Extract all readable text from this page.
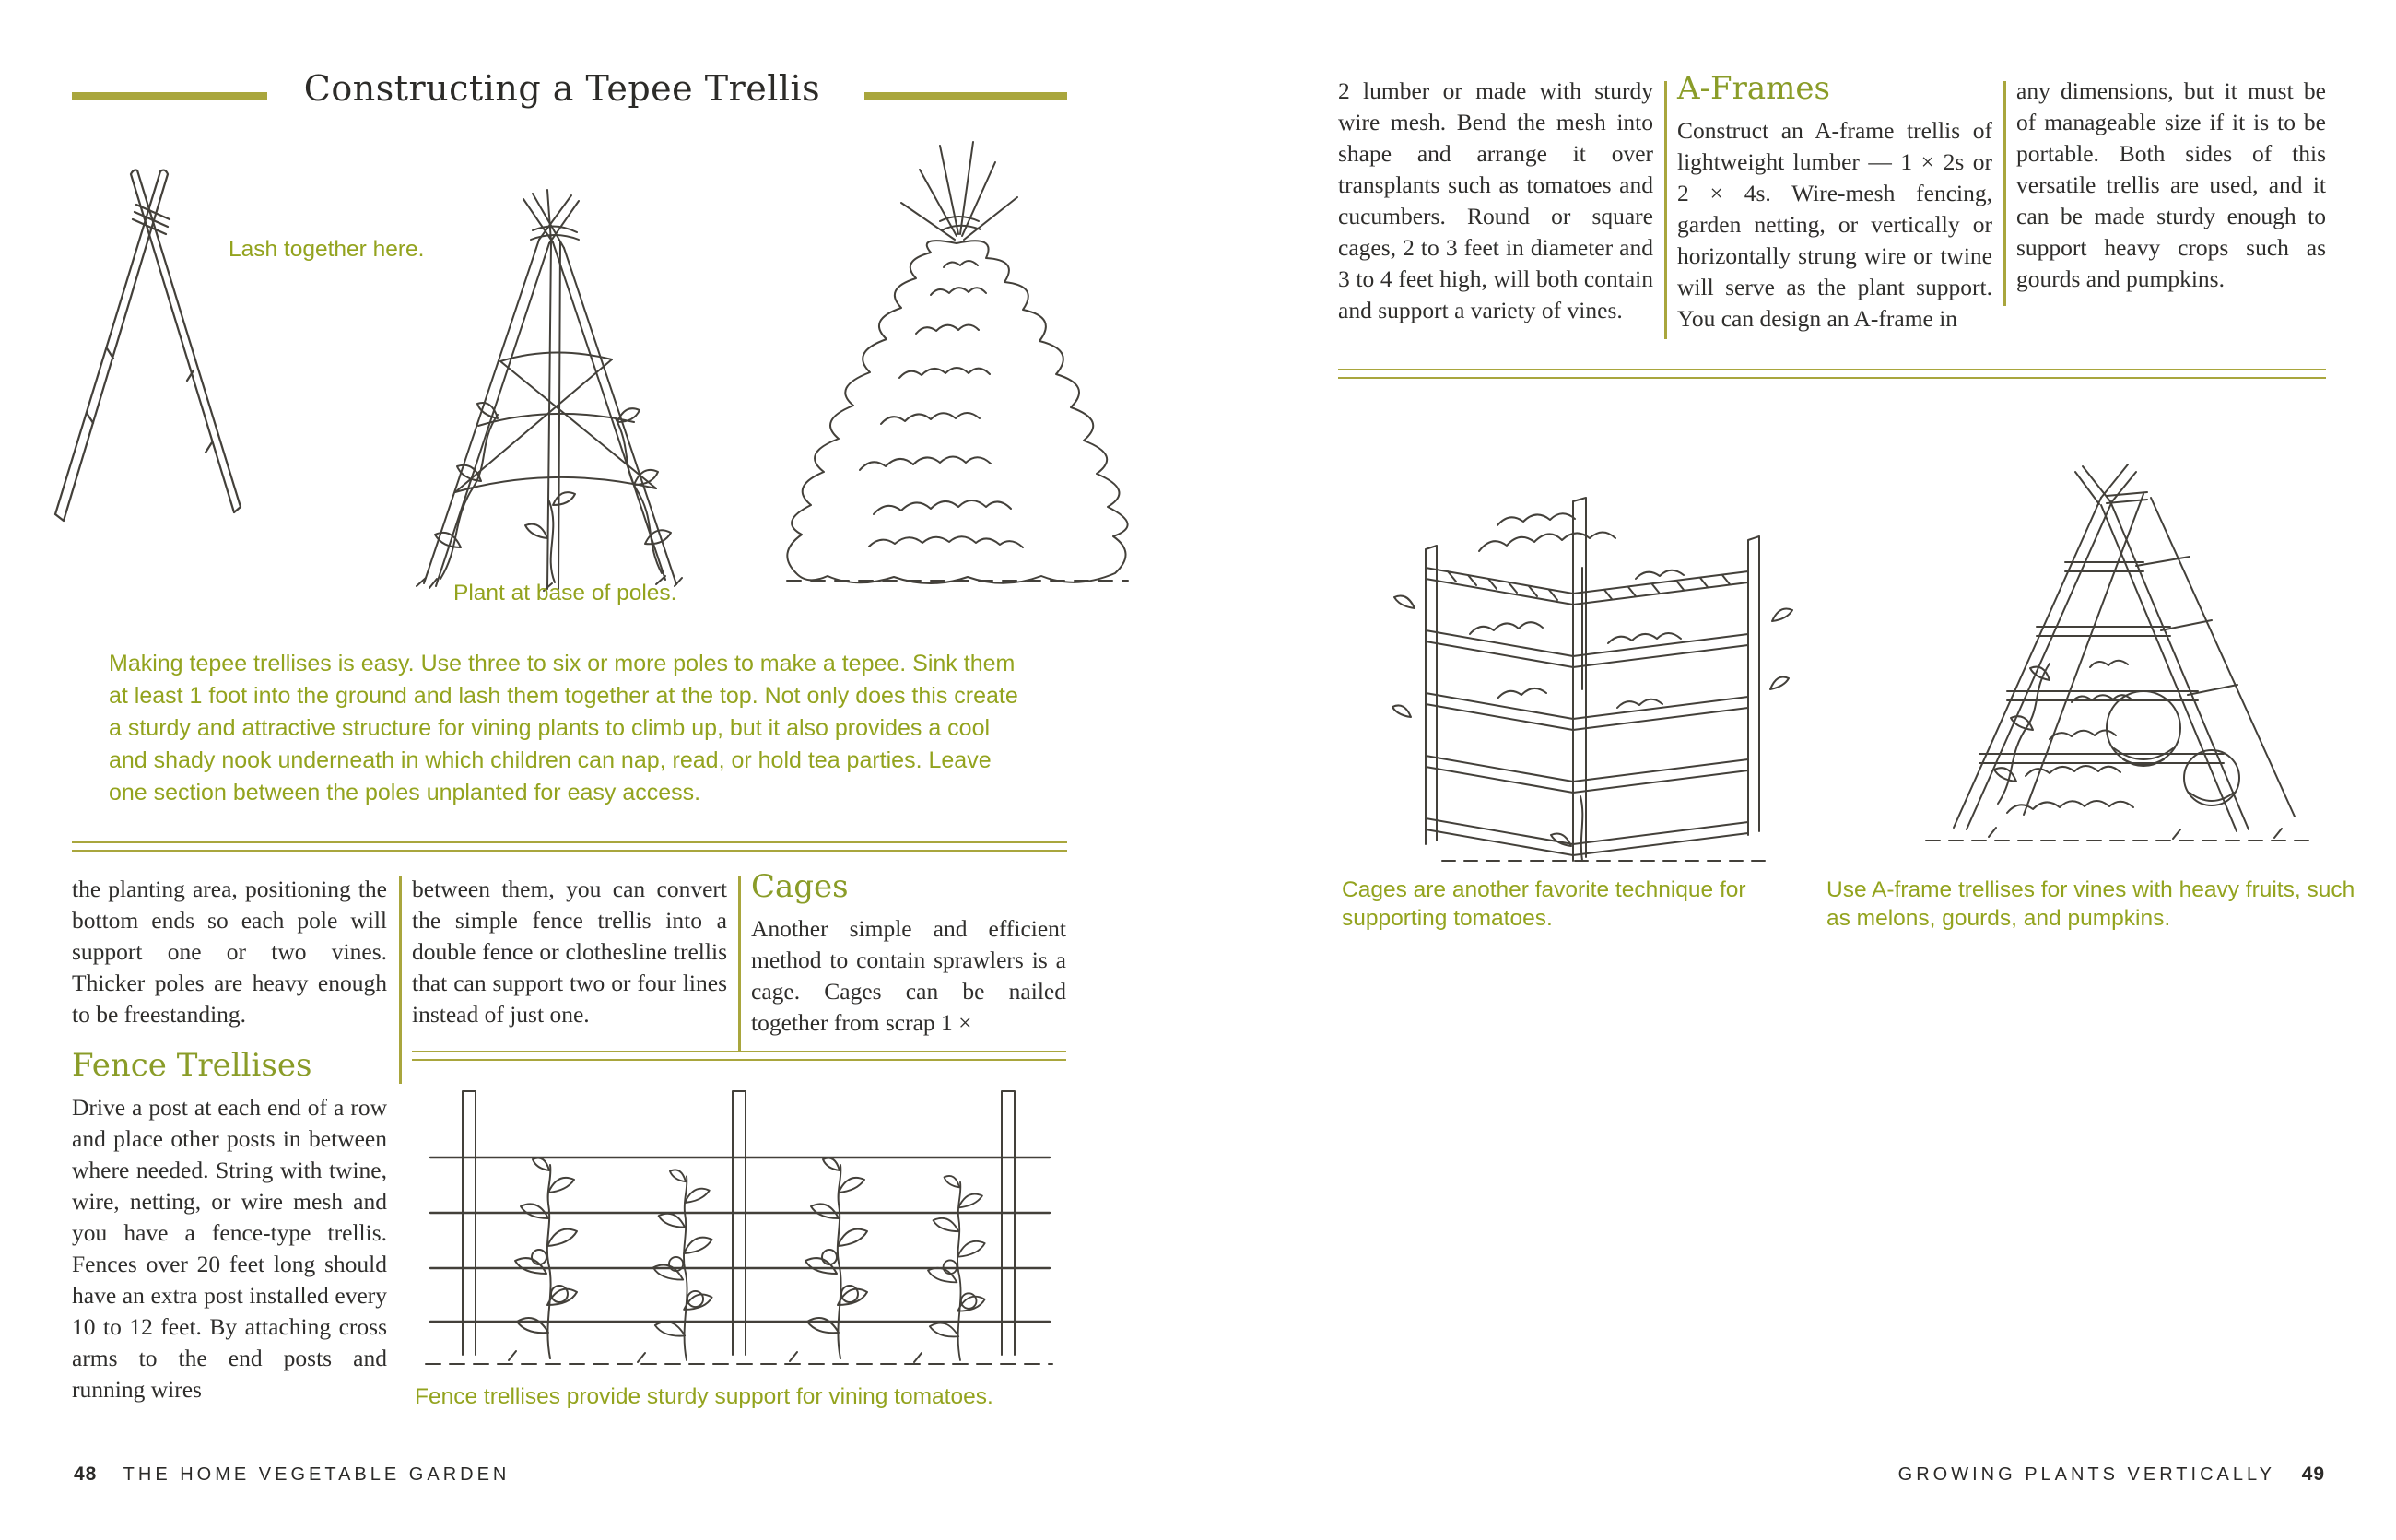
Constructing a Tepee Trellis
Lash together here.
Plant at base of poles.
Making tepee trellises is easy. Use three to six or more poles to make a tepee. Sink them at least 1 foot into the ground and lash them together at the top. Not only does this create a sturdy and attractive structure for vining plants to climb up, but it also provides a cool and shady nook underneath in which children can nap, read, or hold tea parties. Leave one section between the poles unplanted for easy access.

the planting area, positioning the bottom ends so each pole will support one or two vines. Thicker poles are heavy enough to be freestanding.

Fence Trellises

Drive a post at each end of a row and place other posts in between where needed. String with twine, wire, netting, or wire mesh and you have a fence-type trellis. Fences over 20 feet long should have an extra post installed every 10 to 12 feet. By attaching cross arms to the end posts and running wires

between them, you can convert the simple fence trellis into a double fence or clothesline trellis that can support two or four lines instead of just one.

Cages

Another simple and efficient method to contain sprawlers is a cage. Cages can be nailed together from scrap 1 ×

Fence trellises provide sturdy support for vining tomatoes.
48 THE HOME VEGETABLE GARDEN

2 lumber or made with sturdy wire mesh. Bend the mesh into shape and arrange it over transplants such as tomatoes and cucumbers. Round or square cages, 2 to 3 feet in diameter and 3 to 4 feet high, will both contain and support a variety of vines.

A-Frames

Construct an A-frame trellis of lightweight lumber — 1 × 2s or 2 × 4s. Wire-mesh fencing, garden netting, or vertically or horizontally strung wire or twine will serve as the plant support. You can design an A-frame in

any dimensions, but it must be of manageable size if it is to be portable. Both sides of this versatile trellis are used, and it can be made sturdy enough to support heavy crops such as gourds and pumpkins.

Cages are another favorite technique for supporting tomatoes.
Use A-frame trellises for vines with heavy fruits, such as melons, gourds, and pumpkins.
GROWING PLANTS VERTICALLY 49
